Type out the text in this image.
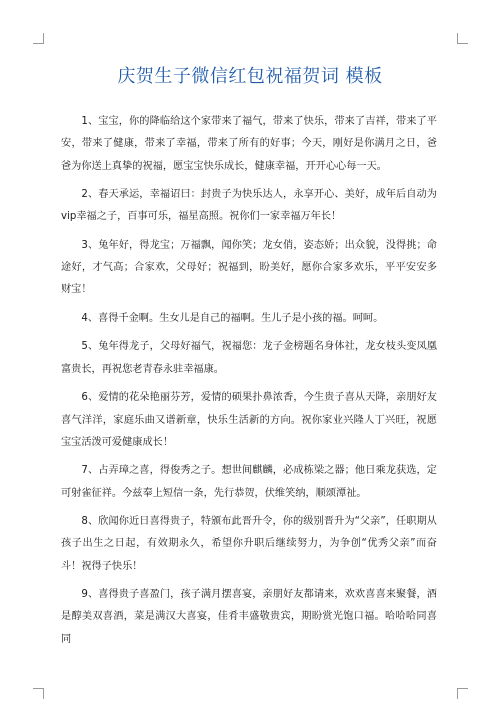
庆贺生子微信红包祝福贺词 模板

1、宝宝，你的降临给这个家带来了福气，带来了快乐，带来了吉祥，带来了平安，带来了健康，带来了幸福，带来了所有的好事；今天，刚好是你满月之日，爸爸为你送上真挚的祝福，愿宝宝快乐成长，健康幸福，开开心心每一天。

2、春天承运，幸福诏曰：封贵子为快乐达人，永享开心、美好，成年后自动为vip幸福之子，百事可乐，福星高照。祝你们一家幸福万年长！

3、兔年好，得龙宝；万福飘，闻你笑；龙女俏，姿态娇；出众貌，没得挑；命途好，才气高；合家欢，父母好；祝福到，盼美好，愿你合家多欢乐，平平安安多财宝！

4、喜得千金啊。生女儿是自己的福啊。生儿子是小孩的福。呵呵。

5、兔年得龙子，父母好福气，祝福您：龙子金榜题名身体社，龙女枝头变凤凰富贵长，再祝您老青春永驻幸福康。

6、爱情的花朵艳丽芬芳，爱情的硕果扑鼻浓香，今生贵子喜从天降，亲朋好友喜气洋洋，家庭乐曲又谱新章，快乐生活新的方向。祝你家业兴隆人丁兴旺，祝愿宝宝活泼可爱健康成长！

7、占弄璋之喜，得俊秀之子。想世间麒麟，必成栋梁之器；他日乘龙获选，定可射雀征祥。今兹奉上短信一条，先行恭贺，伏维笑纳，顺颂潭祉。

8、欣闻你近日喜得贵子，特颁布此晋升令，你的级别晋升为“父亲”，任职期从孩子出生之日起，有效期永久，希望你升职后继续努力，为争创“优秀父亲”而奋斗！祝得子快乐！

9、喜得贵子喜盈门，孩子满月摆喜宴，亲朋好友都请来，欢欢喜喜来聚餐，酒是醇美双喜酒，菜是满汉大喜宴，佳肴丰盛敬贵宾，期盼赏光饱口福。哈哈哈同喜同
